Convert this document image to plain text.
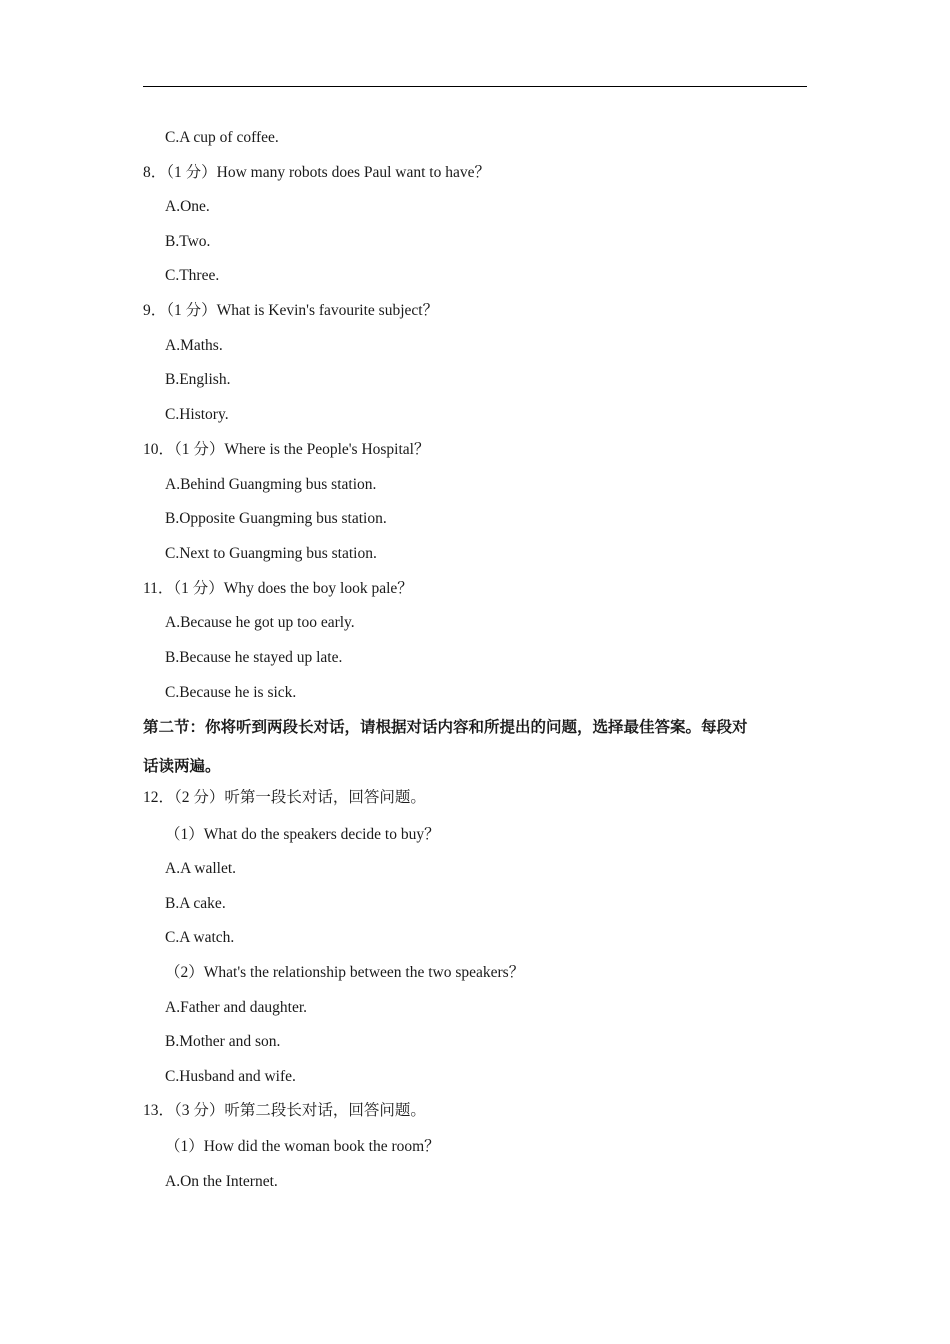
C.A cup of coffee.
8．（1 分）How many robots does Paul want to have？
A.One.
B.Two.
C.Three.
9．（1 分）What is Kevin's favourite subject？
A.Maths.
B.English.
C.History.
10．（1 分）Where is the People's Hospital？
A.Behind Guangming bus station.
B.Opposite Guangming bus station.
C.Next to Guangming bus station.
11．（1 分）Why does the boy look pale？
A.Because he got up too early.
B.Because he stayed up late.
C.Because he is sick.
第二节：你将听到两段长对话，请根据对话内容和所提出的问题，选择最佳答案。每段对
话读两遍。
12．（2 分）听第一段长对话，回答问题。
（1）What do the speakers decide to buy？
A.A wallet.
B.A cake.
C.A watch.
（2）What's the relationship between the two speakers？
A.Father and daughter.
B.Mother and son.
C.Husband and wife.
13．（3 分）听第二段长对话，回答问题。
（1）How did the woman book the room？
A.On the Internet.
